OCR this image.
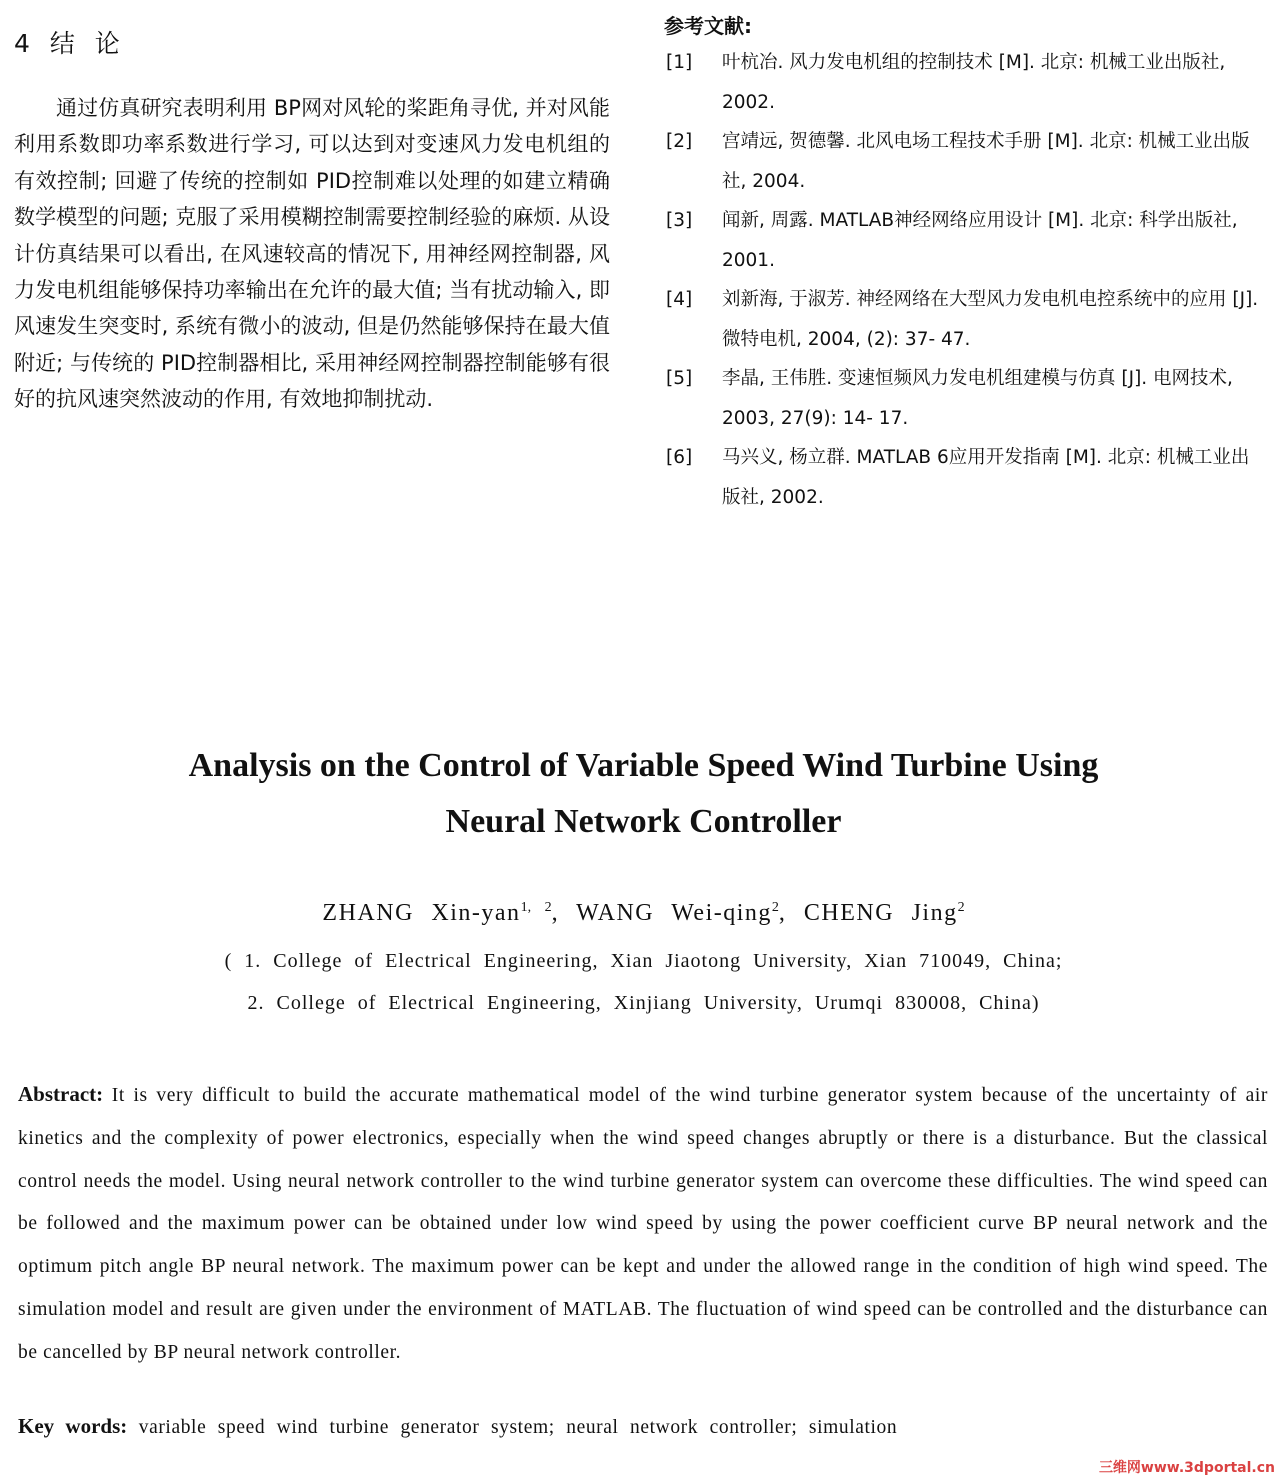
4 结 论

通过仿真研究表明利用 BP网对风轮的桨距角寻优, 并对风能利用系数即功率系数进行学习, 可以达到对变速风力发电机组的有效控制; 回避了传统的控制如 PID控制难以处理的如建立精确数学模型的问题; 克服了采用模糊控制需要控制经验的麻烦. 从设计仿真结果可以看出, 在风速较高的情况下, 用神经网控制器, 风力发电机组能够保持功率输出在允许的最大值; 当有扰动输入, 即风速发生突变时, 系统有微小的波动, 但是仍然能够保持在最大值附近; 与传统的 PID控制器相比, 采用神经网控制器控制能够有很好的抗风速突然波动的作用, 有效地抑制扰动.

参考文献:
[1] 叶杭冶. 风力发电机组的控制技术 [M]. 北京: 机械工业出版社, 2002.
[2] 宫靖远, 贺德馨. 北风电场工程技术手册 [M]. 北京: 机械工业出版社, 2004.
[3] 闻新, 周露. MATLAB神经网络应用设计 [M]. 北京: 科学出版社, 2001.
[4] 刘新海, 于淑芳. 神经网络在大型风力发电机电控系统中的应用 [J]. 微特电机, 2004, (2): 37- 47.
[5] 李晶, 王伟胜. 变速恒频风力发电机组建模与仿真 [J]. 电网技术, 2003, 27(9): 14- 17.
[6] 马兴义, 杨立群. MATLAB 6应用开发指南 [M]. 北京: 机械工业出版社, 2002.
Analysis on the Control of Variable Speed Wind Turbine Using
Neural Network Controller
ZHANG Xin-yan$^{1, 2}$, WANG Wei-qing$^2$, CHENG Jing$^2$
( 1. College of Electrical Engineering, Xian Jiaotong University, Xian 710049, China;
2. College of Electrical Engineering, Xinjiang University, Urumqi 830008, China)

Abstract: It is very difficult to build the accurate mathematical model of the wind turbine generator system because of the uncertainty of air kinetics and the complexity of power electronics, especially when the wind speed changes abruptly or there is a disturbance. But the classical control needs the model. Using neural network controller to the wind turbine generator system can overcome these difficulties. The wind speed can be followed and the maximum power can be obtained under low wind speed by using the power coefficient curve BP neural network and the optimum pitch angle BP neural network. The maximum power can be kept and under the allowed range in the condition of high wind speed. The simulation model and result are given under the environment of MATLAB. The fluctuation of wind speed can be controlled and the disturbance can be cancelled by BP neural network controller.

Key words: variable speed wind turbine generator system; neural network controller; simulation
三维网www.3dportal.cn
